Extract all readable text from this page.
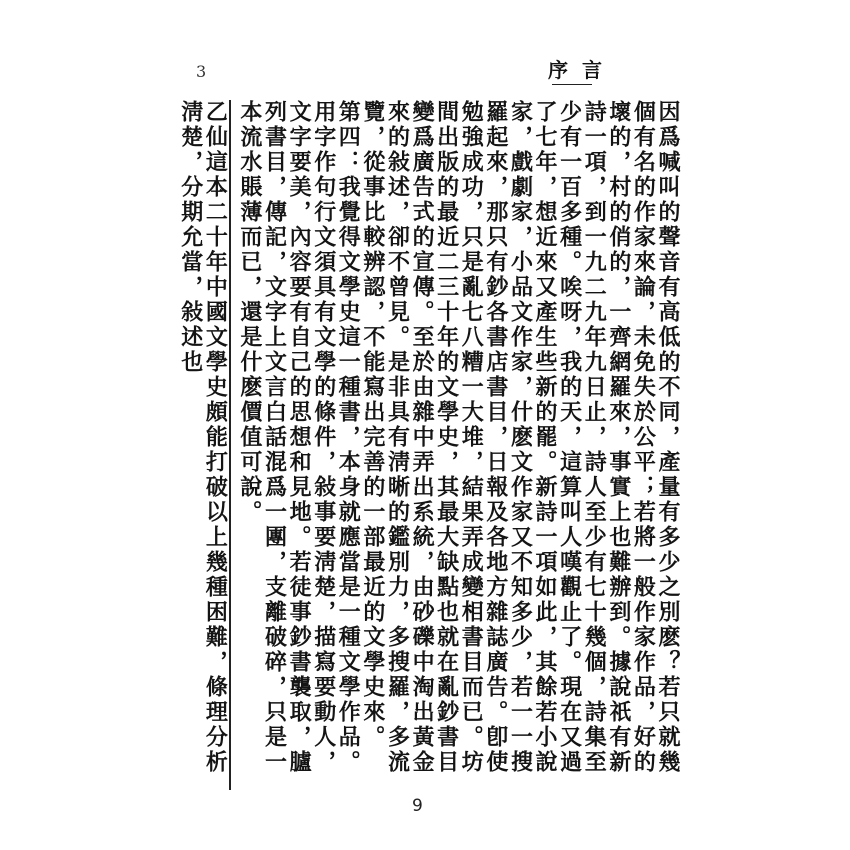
3	序言

因爲喊叫的聲音有高低的不同，產量有多少之別麽？若只就幾個有名的作家來論，未免失於公平；若將一般作家作品，好的壞的，村的俏的，一齊網羅來，事實上也難辦到。據說祇有新詩一項，到一九二九年九日止，詩人至少有七十幾個，詩集至少有一百多種。唉呀，我的天，這算叫人嘆觀止了。現在又過了七年，想近來又產生些新的罷。新詩一項如此，其餘若小說家，戲劇家，小品文作家，什麽文作家又不知多少，若一一搜羅起來，那只有鈔各書店書目，日報及各地方雜誌廣告。卽使勉強成功，只是亂七八糟一大堆，結果弄成變相書目而已。坊間出版的最近二三十年的文學史，其最大缺點也就在亂鈔書目變爲廣告式的宣傳。至於由雜中弄出系統，由砂礫中淘出黃金來的敍述，卻不曾見。是非具有淸晰的鑑別力，多搜羅，多流覽，從事比較辨認，不能寫出完善的一部最近的文學史來。

第四：我覺得文學史這一種書，本身就應當是一種文學作品。用字作句行文須具有文學的條件，敍事要淸楚，描寫要動人，文字要美，內容要有自己的思想和見地。若徒事鈔書襲取，臚列書目，傳記，文字上文言白話混爲一團，支離破碎，只是一本流水賬薄而已，還是什麽價值可說。

乙仙這本二十年中國文學史頗能打破以上幾種困難，條理分析淸楚，分期允當，敍述也

9
